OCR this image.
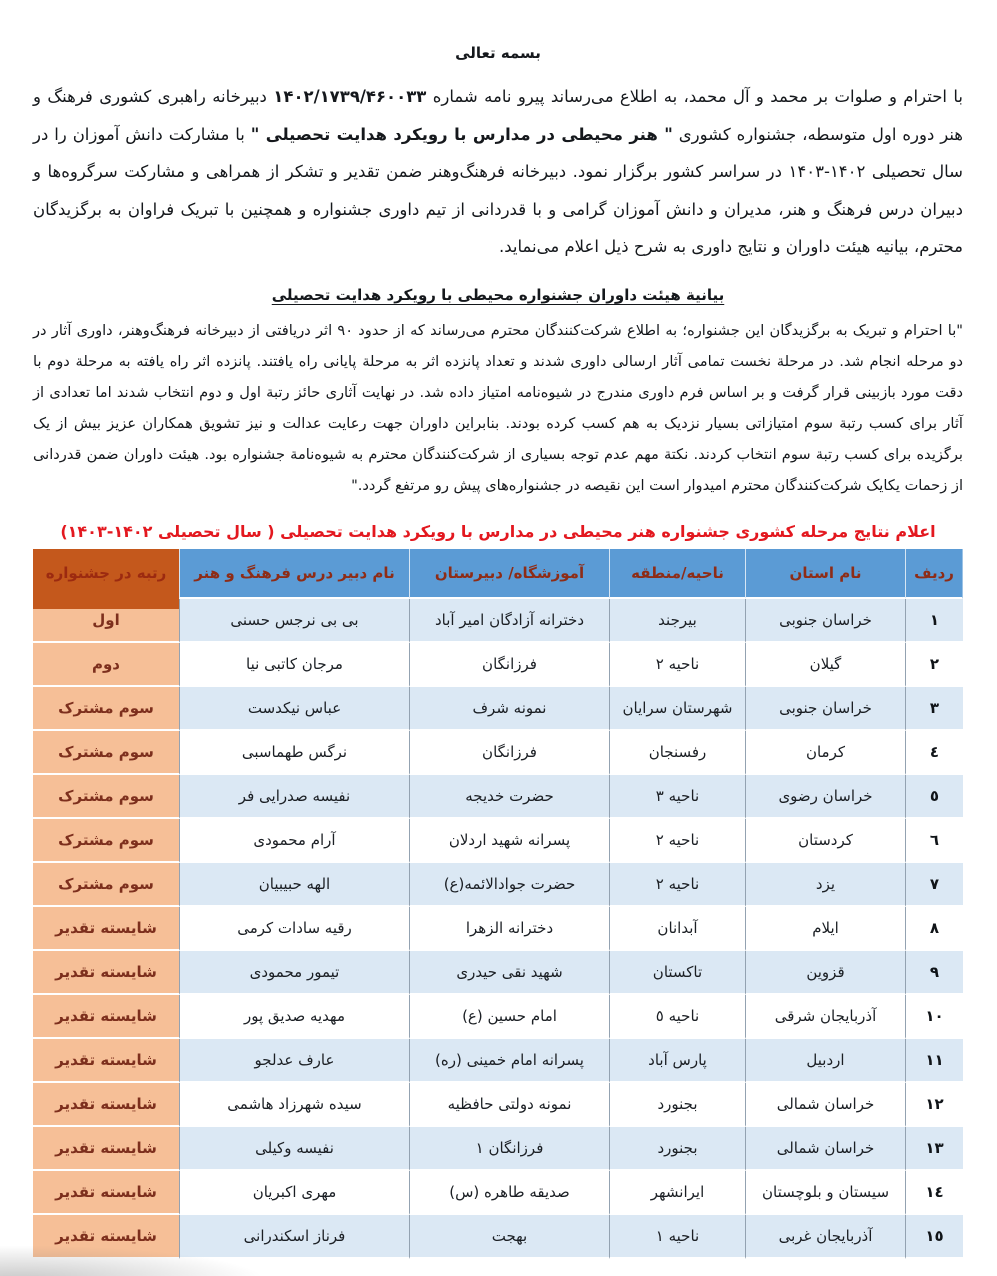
بسمه تعالی

با احترام و صلوات بر محمد و آل محمد، به اطلاع می‌رساند پیرو نامه شماره ۱۴۰۲/۱۷۳۹/۴۶۰۰۳۳ دبیرخانه راهبری کشوری فرهنگ و هنر دوره اول متوسطه، جشنواره کشوری " هنر محیطی در مدارس با رویکرد هدایت تحصیلی " با مشارکت دانش آموزان را در سال تحصیلی ۱۴۰۲-۱۴۰۳ در سراسر کشور برگزار نمود. دبیرخانه فرهنگ‌وهنر ضمن تقدیر و تشکر از همراهی و مشارکت سرگروه‌ها و دبیران درس فرهنگ و هنر، مدیران و دانش آموزان گرامی و با قدردانی از تیم داوری جشنواره و همچنین با تبریک فراوان به برگزیدگان محترم، بیانیه هیئت داوران و نتایج داوری به شرح ذیل اعلام می‌نماید.

بیانیة هیئت داوران جشنواره محیطی با رویکرد هدایت تحصیلی

"با احترام و تبریک به برگزیدگان این جشنواره؛ به اطلاع شرکت‌کنندگان محترم می‌رساند که از حدود ۹۰ اثر دریافتی از دبیرخانه فرهنگ‌وهنر، داوری آثار در دو مرحله انجام شد. در مرحلة نخست تمامی آثار ارسالی داوری شدند و تعداد پانزده اثر به مرحلة پایانی راه یافتند. پانزده اثر راه یافته به مرحلة دوم با دقت مورد بازبینی قرار گرفت و بر اساس فرم داوری مندرج در شیوه‌نامه امتیاز داده شد. در نهایت آثاری حائز رتبة اول و دوم انتخاب شدند اما تعدادی از آثار برای کسب رتبة سوم امتیازاتی بسیار نزدیک به هم کسب کرده بودند. بنابراین داوران جهت رعایت عدالت و نیز تشویق همکاران عزیز بیش از یک برگزیده برای کسب رتبة سوم انتخاب کردند. نکتة مهم عدم توجه بسیاری از شرکت‌کنندگان محترم به شیوه‌نامة جشنواره بود. هیئت داوران ضمن قدردانی از زحمات یکایک شرکت‌کنندگان محترم امیدوار است این نقیصه در جشنواره‌های پیش رو مرتفع گردد."

اعلام نتایج مرحله کشوری جشنواره هنر محیطی در مدارس با رویکرد هدایت تحصیلی ( سال تحصیلی ۱۴۰۲-۱۴۰۳)
ردیف	نام استان	ناحیه/منطقه	آموزشگاه/ دبیرستان	نام دبیر درس فرهنگ و هنر	رتبه در جشنواره
١	خراسان جنوبی	بیرجند	دخترانه آزادگان امیر آباد	بی بی نرجس حسنی	اول
٢	گیلان	ناحیه ٢	فرزانگان	مرجان کاتبی نیا	دوم
٣	خراسان جنوبی	شهرستان سرایان	نمونه شرف	عباس نیکدست	سوم مشترک
٤	کرمان	رفسنجان	فرزانگان	نرگس طهماسبی	سوم مشترک
٥	خراسان رضوی	ناحیه ٣	حضرت خدیجه	نفیسه صدرایی فر	سوم مشترک
٦	کردستان	ناحیه ٢	پسرانه شهید اردلان	آرام محمودی	سوم مشترک
٧	یزد	ناحیه ٢	حضرت جوادالائمه(ع)	الهه حبیبیان	سوم مشترک
٨	ایلام	آبدانان	دخترانه الزهرا	رقیه سادات کرمی	شایسته تقدیر
٩	قزوین	تاکستان	شهید نقی حیدری	تیمور محمودی	شایسته تقدیر
١٠	آذربایجان شرقی	ناحیه ٥	امام حسین (ع)	مهدیه صدیق پور	شایسته تقدیر
١١	اردبیل	پارس آباد	پسرانه امام خمینی (ره)	عارف عدلجو	شایسته تقدیر
١٢	خراسان شمالی	بجنورد	نمونه دولتی حافظیه	سیده شهرزاد هاشمی	شایسته تقدیر
١٣	خراسان شمالی	بجنورد	فرزانگان ١	نفیسه وکیلی	شایسته تقدیر
١٤	سیستان و بلوچستان	ایرانشهر	صدیقه طاهره (س)	مهری اکبریان	شایسته تقدیر
١٥	آذربایجان غربی	ناحیه ١	بهجت	فرناز اسکندرانی	شایسته تقدیر
